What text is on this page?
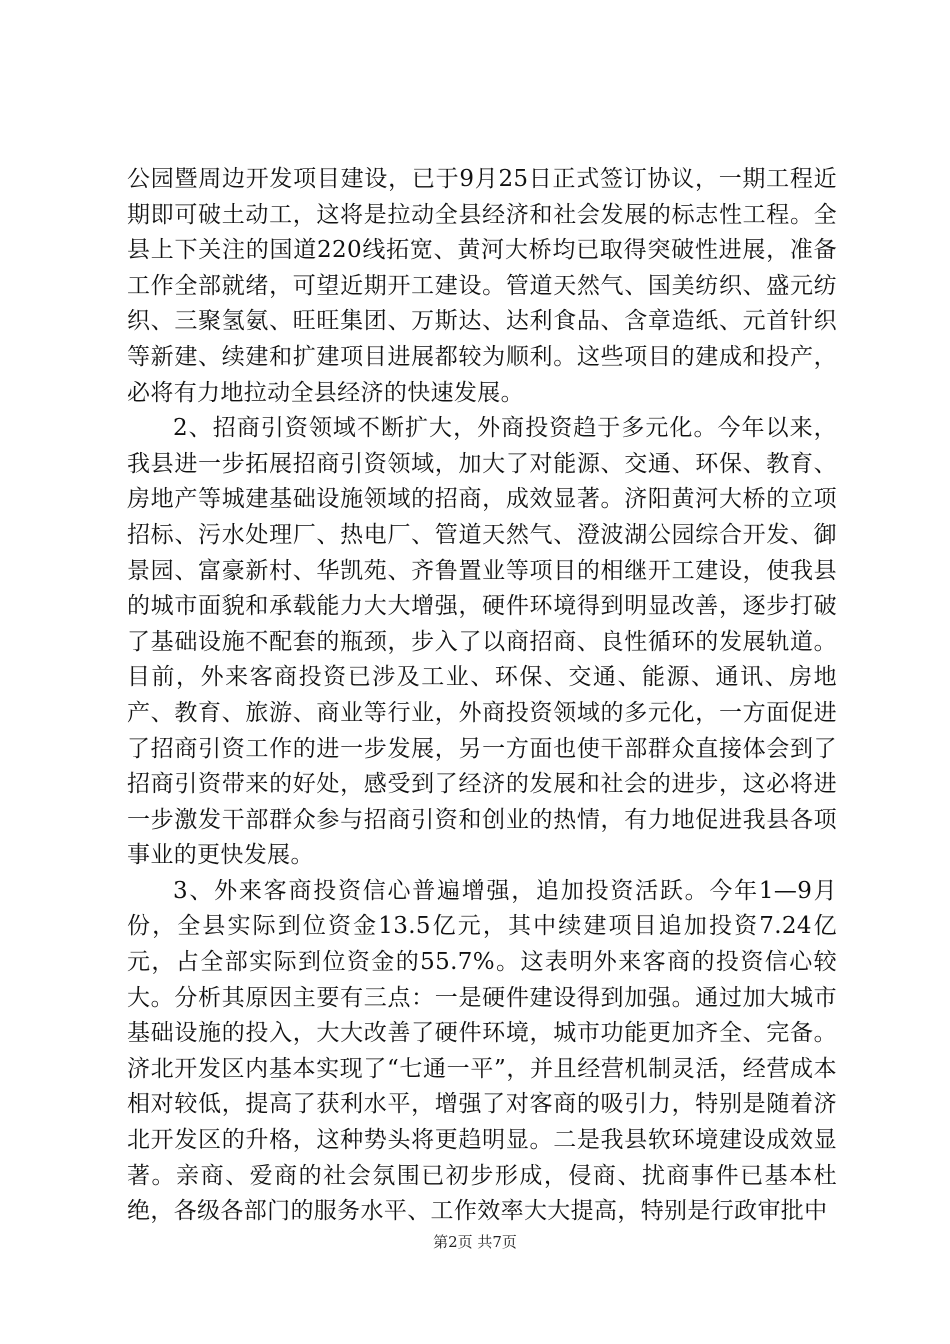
公园暨周边开发项目建设，已于9月25日正式签订协议，一期工程近期即可破土动工，这将是拉动全县经济和社会发展的标志性工程。全县上下关注的国道220线拓宽、黄河大桥均已取得突破性进展，准备工作全部就绪，可望近期开工建设。管道天然气、国美纺织、盛元纺织、三聚氢氨、旺旺集团、万斯达、达利食品、含章造纸、元首针织等新建、续建和扩建项目进展都较为顺利。这些项目的建成和投产，必将有力地拉动全县经济的快速发展。

2、招商引资领域不断扩大，外商投资趋于多元化。今年以来，我县进一步拓展招商引资领域，加大了对能源、交通、环保、教育、房地产等城建基础设施领域的招商，成效显著。济阳黄河大桥的立项招标、污水处理厂、热电厂、管道天然气、澄波湖公园综合开发、御景园、富豪新村、华凯苑、齐鲁置业等项目的相继开工建设，使我县的城市面貌和承载能力大大增强，硬件环境得到明显改善，逐步打破了基础设施不配套的瓶颈，步入了以商招商、良性循环的发展轨道。目前，外来客商投资已涉及工业、环保、交通、能源、通讯、房地产、教育、旅游、商业等行业，外商投资领域的多元化，一方面促进了招商引资工作的进一步发展，另一方面也使干部群众直接体会到了招商引资带来的好处，感受到了经济的发展和社会的进步，这必将进一步激发干部群众参与招商引资和创业的热情，有力地促进我县各项事业的更快发展。

3、外来客商投资信心普遍增强，追加投资活跃。今年1—9月份，全县实际到位资金13.5亿元，其中续建项目追加投资7.24亿元，占全部实际到位资金的55.7%。这表明外来客商的投资信心较大。分析其原因主要有三点：一是硬件建设得到加强。通过加大城市基础设施的投入，大大改善了硬件环境，城市功能更加齐全、完备。济北开发区内基本实现了“七通一平”，并且经营机制灵活，经营成本相对较低，提高了获利水平，增强了对客商的吸引力，特别是随着济北开发区的升格，这种势头将更趋明显。二是我县软环境建设成效显著。亲商、爱商的社会氛围已初步形成，侵商、扰商事件已基本杜绝，各级各部门的服务水平、工作效率大大提高，特别是行政审批中

第2页 共7页
